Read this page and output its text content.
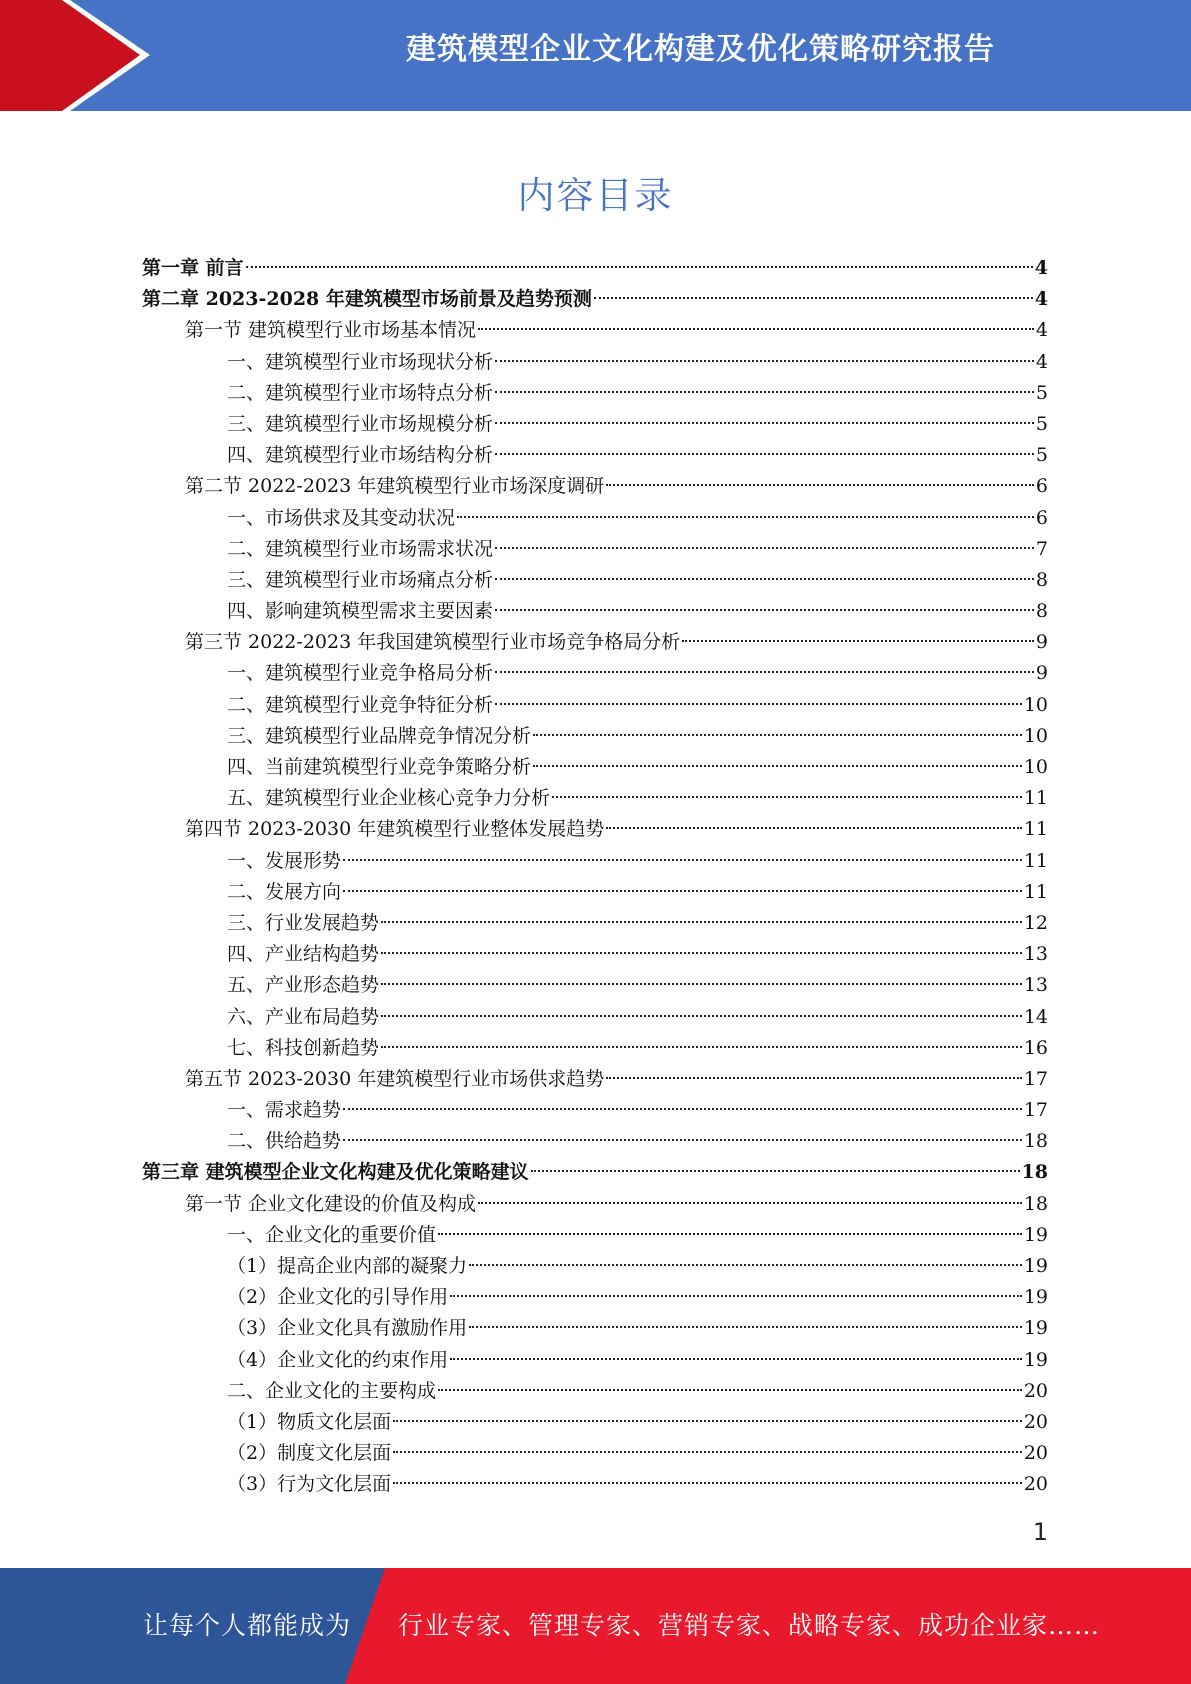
建筑模型企业文化构建及优化策略研究报告
内容目录
第一章 前言	4
第二章 2023-2028 年建筑模型市场前景及趋势预测	4
第一节 建筑模型行业市场基本情况	4
一、建筑模型行业市场现状分析	4
二、建筑模型行业市场特点分析	5
三、建筑模型行业市场规模分析	5
四、建筑模型行业市场结构分析	5
第二节 2022-2023 年建筑模型行业市场深度调研	6
一、市场供求及其变动状况	6
二、建筑模型行业市场需求状况	7
三、建筑模型行业市场痛点分析	8
四、影响建筑模型需求主要因素	8
第三节 2022-2023 年我国建筑模型行业市场竞争格局分析	9
一、建筑模型行业竞争格局分析	9
二、建筑模型行业竞争特征分析	10
三、建筑模型行业品牌竞争情况分析	10
四、当前建筑模型行业竞争策略分析	10
五、建筑模型行业企业核心竞争力分析	11
第四节 2023-2030 年建筑模型行业整体发展趋势	11
一、发展形势	11
二、发展方向	11
三、行业发展趋势	12
四、产业结构趋势	13
五、产业形态趋势	13
六、产业布局趋势	14
七、科技创新趋势	16
第五节 2023-2030 年建筑模型行业市场供求趋势	17
一、需求趋势	17
二、供给趋势	18
第三章 建筑模型企业文化构建及优化策略建议	18
第一节 企业文化建设的价值及构成	18
一、企业文化的重要价值	19
（1）提高企业内部的凝聚力	19
（2）企业文化的引导作用	19
（3）企业文化具有激励作用	19
（4）企业文化的约束作用	19
二、企业文化的主要构成	20
（1）物质文化层面	20
（2）制度文化层面	20
（3）行为文化层面	20
1
让每个人都能成为 行业专家、管理专家、营销专家、战略专家、成功企业家……
